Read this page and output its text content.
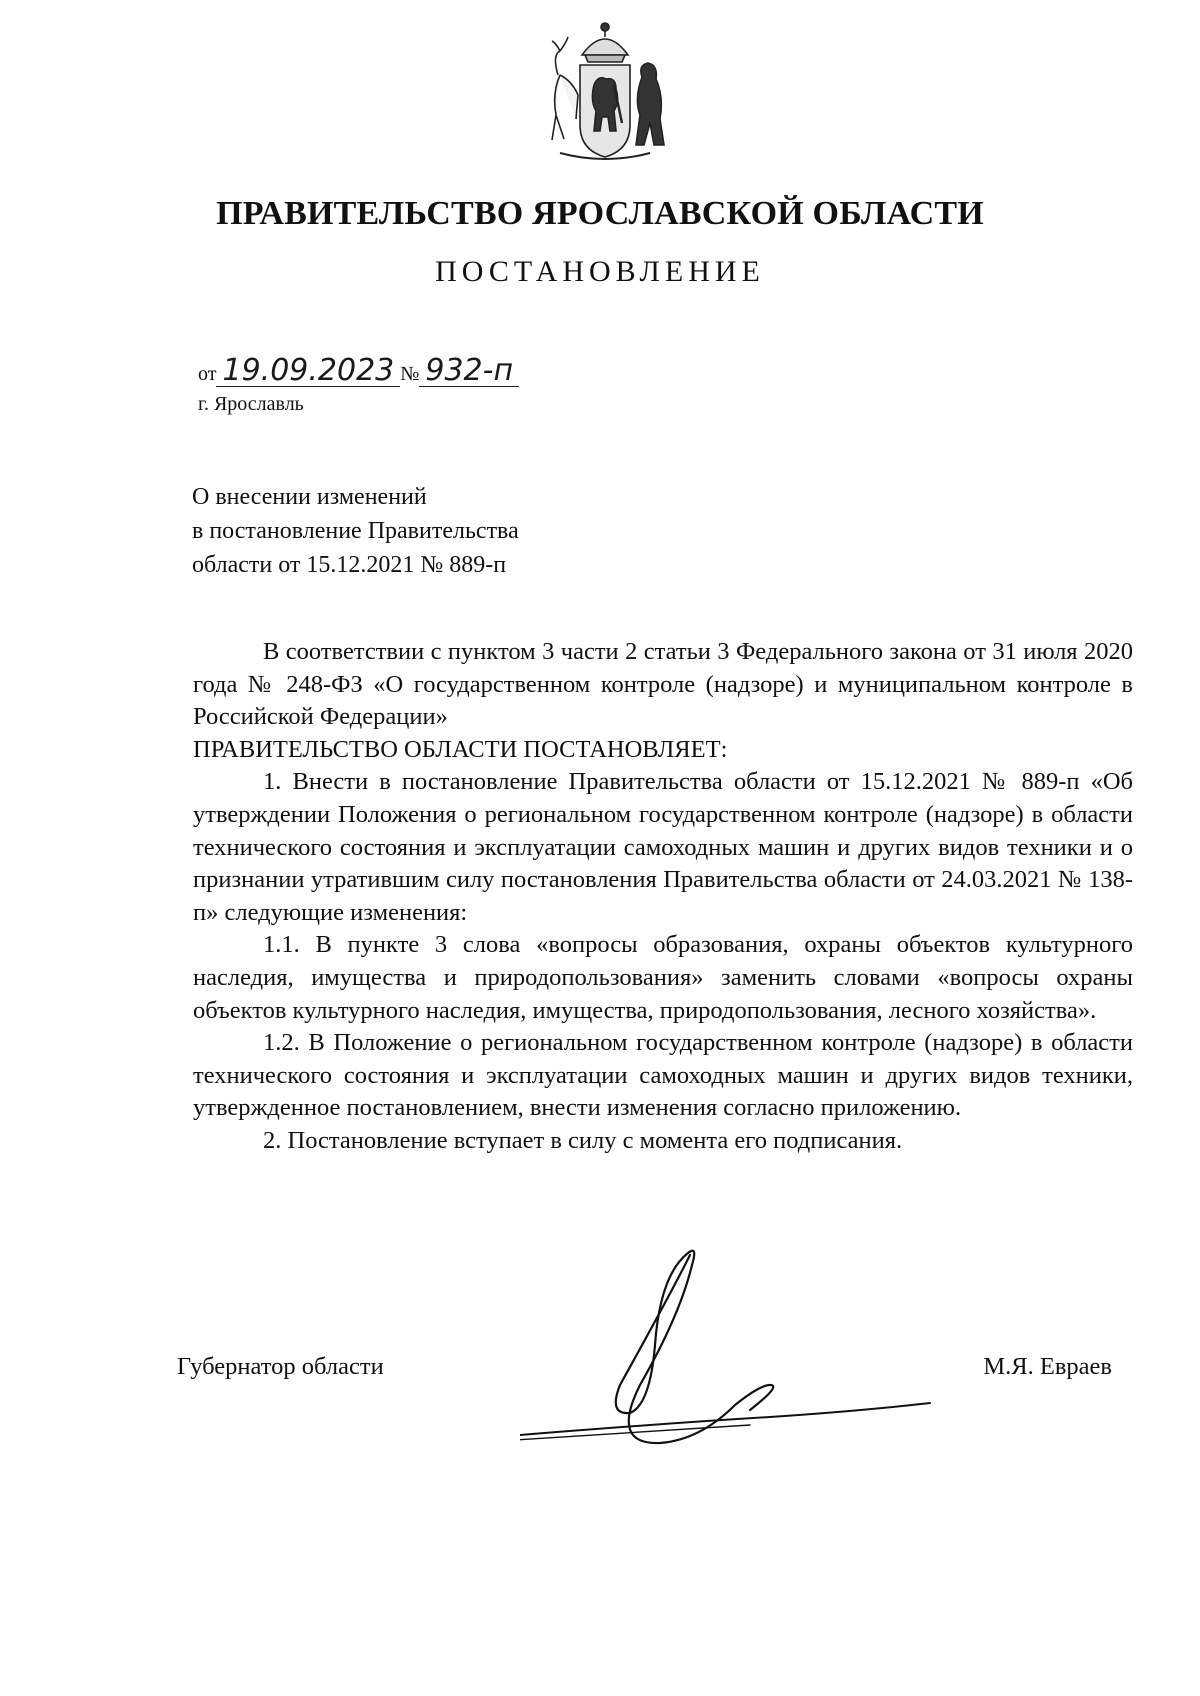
ПРАВИТЕЛЬСТВО ЯРОСЛАВСКОЙ ОБЛАСТИ
ПОСТАНОВЛЕНИЕ
от 19.09.2023 № 932-п
г. Ярославль
О внесении изменений
в постановление Правительства
области от 15.12.2021 № 889-п

В соответствии с пунктом 3 части 2 статьи 3 Федерального закона от 31 июля 2020 года № 248-ФЗ «О государственном контроле (надзоре) и муниципальном контроле в Российской Федерации»

ПРАВИТЕЛЬСТВО ОБЛАСТИ ПОСТАНОВЛЯЕТ:

1. Внести в постановление Правительства области от 15.12.2021 № 889-п «Об утверждении Положения о региональном государственном контроле (надзоре) в области технического состояния и эксплуатации самоходных машин и других видов техники и о признании утратившим силу постановления Правительства области от 24.03.2021 № 138-п» следующие изменения:

1.1. В пункте 3 слова «вопросы образования, охраны объектов культурного наследия, имущества и природопользования» заменить словами «вопросы охраны объектов культурного наследия, имущества, природопользования, лесного хозяйства».

1.2. В Положение о региональном государственном контроле (надзоре) в области технического состояния и эксплуатации самоходных машин и других видов техники, утвержденное постановлением, внести изменения согласно приложению.

2. Постановление вступает в силу с момента его подписания.

Губернатор области	М.Я. Евраев
